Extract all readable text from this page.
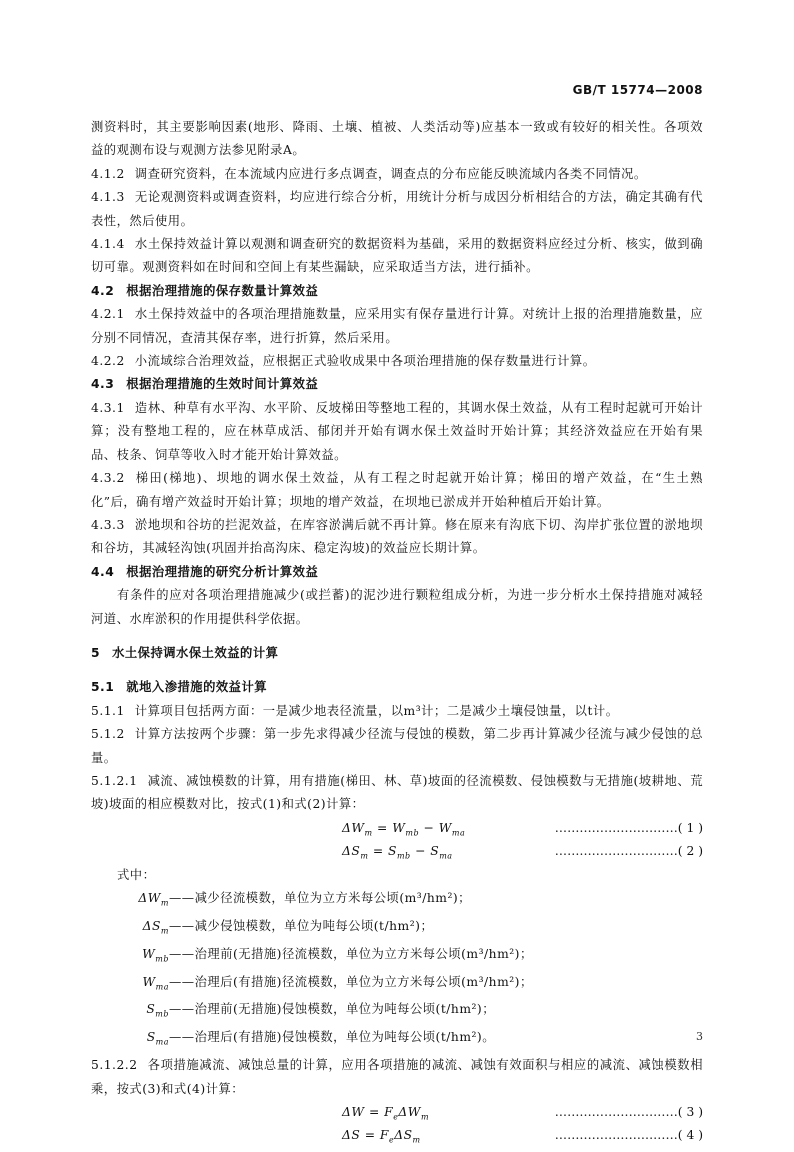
GB/T 15774—2008

测资料时，其主要影响因素(地形、降雨、土壤、植被、人类活动等)应基本一致或有较好的相关性。各项效益的观测布设与观测方法参见附录A。

4.1.2 调查研究资料，在本流域内应进行多点调查，调查点的分布应能反映流域内各类不同情况。

4.1.3 无论观测资料或调查资料，均应进行综合分析，用统计分析与成因分析相结合的方法，确定其确有代表性，然后使用。

4.1.4 水土保持效益计算以观测和调查研究的数据资料为基础，采用的数据资料应经过分析、核实，做到确切可靠。观测资料如在时间和空间上有某些漏缺，应采取适当方法，进行插补。

4.2 根据治理措施的保存数量计算效益

4.2.1 水土保持效益中的各项治理措施数量，应采用实有保存量进行计算。对统计上报的治理措施数量，应分别不同情况，查清其保存率，进行折算，然后采用。

4.2.2 小流域综合治理效益，应根据正式验收成果中各项治理措施的保存数量进行计算。

4.3 根据治理措施的生效时间计算效益

4.3.1 造林、种草有水平沟、水平阶、反坡梯田等整地工程的，其调水保土效益，从有工程时起就可开始计算；没有整地工程的，应在林草成活、郁闭并开始有调水保土效益时开始计算；其经济效益应在开始有果品、枝条、饲草等收入时才能开始计算效益。

4.3.2 梯田(梯地)、坝地的调水保土效益，从有工程之时起就开始计算；梯田的增产效益，在“生土熟化”后，确有增产效益时开始计算；坝地的增产效益，在坝地已淤成并开始种植后开始计算。

4.3.3 淤地坝和谷坊的拦泥效益，在库容淤满后就不再计算。修在原来有沟底下切、沟岸扩张位置的淤地坝和谷坊，其减轻沟蚀(巩固并抬高沟床、稳定沟坡)的效益应长期计算。

4.4 根据治理措施的研究分析计算效益

有条件的应对各项治理措施减少(或拦蓄)的泥沙进行颗粒组成分析，为进一步分析水土保持措施对减轻河道、水库淤积的作用提供科学依据。

5 水土保持调水保土效益的计算

5.1 就地入渗措施的效益计算

5.1.1 计算项目包括两方面：一是减少地表径流量，以m³计；二是减少土壤侵蚀量，以t计。

5.1.2 计算方法按两个步骤：第一步先求得减少径流与侵蚀的模数，第二步再计算减少径流与减少侵蚀的总量。

5.1.2.1 减流、减蚀模数的计算，用有措施(梯田、林、草)坡面的径流模数、侵蚀模数与无措施(坡耕地、荒坡)坡面的相应模数对比，按式(1)和式(2)计算：

$\Delta W_m = W_{mb} - W_{ma}$	…………………………( 1 )
$\Delta S_m = S_{mb} - S_{ma}$	…………………………( 2 )

式中：

$\Delta W_m——$减少径流模数，单位为立方米每公顷(m³/hm²)；
$\Delta S_m——$减少侵蚀模数，单位为吨每公顷(t/hm²)；
$W_{mb}——$治理前(无措施)径流模数，单位为立方米每公顷(m³/hm²)；
$W_{ma}——$治理后(有措施)径流模数，单位为立方米每公顷(m³/hm²)；
$S_{mb}——$治理前(无措施)侵蚀模数，单位为吨每公顷(t/hm²)；
$S_{ma}——$治理后(有措施)侵蚀模数，单位为吨每公顷(t/hm²)。

5.1.2.2 各项措施减流、减蚀总量的计算，应用各项措施的减流、减蚀有效面积与相应的减流、减蚀模数相乘，按式(3)和式(4)计算：

$\Delta W = F_e\Delta W_m$	…………………………( 3 )
$\Delta S = F_e\Delta S_m$	…………………………( 4 )
3
